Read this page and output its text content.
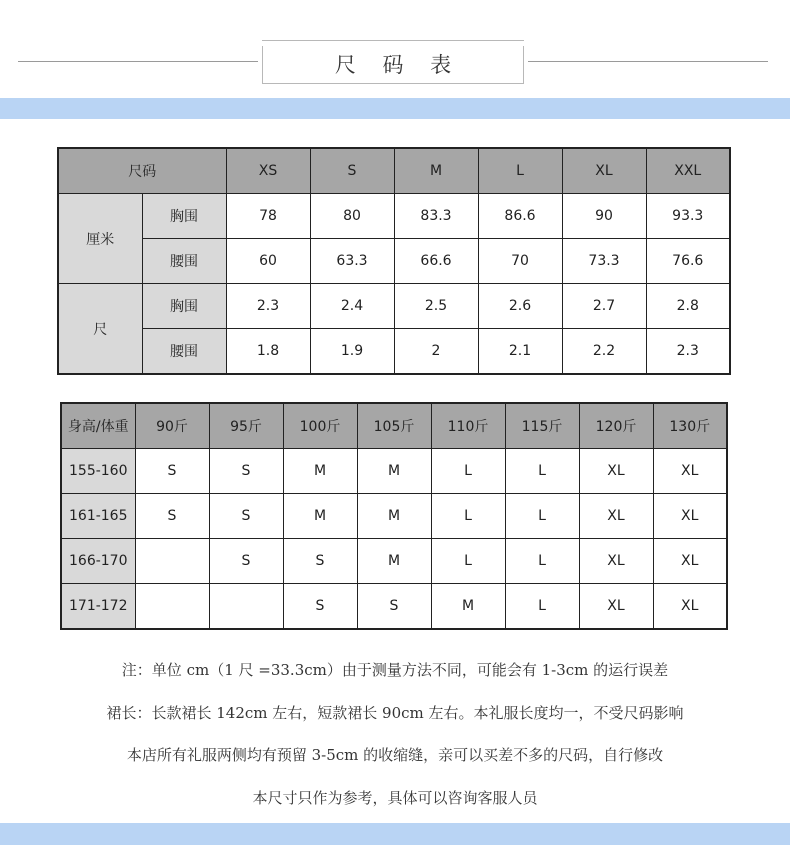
尺 码 表
尺码		XS	S	M	L	XL	XXL
厘米	胸围	78	80	83.3	86.6	90	93.3
	腰围	60	63.3	66.6	70	73.3	76.6
尺	胸围	2.3	2.4	2.5	2.6	2.7	2.8
	腰围	1.8	1.9	2	2.1	2.2	2.3
身高/体重	90斤	95斤	100斤	105斤	110斤	115斤	120斤	130斤
155-160	S	S	M	M	L	L	XL	XL
161-165	S	S	M	M	L	L	XL	XL
166-170		S	S	M	L	L	XL	XL
171-172			S	S	M	L	XL	XL
注：单位 cm（1 尺 =33.3cm）由于测量方法不同，可能会有 1-3cm 的运行误差
裙长：长款裙长 142cm 左右，短款裙长 90cm 左右。本礼服长度均一，不受尺码影响
本店所有礼服两侧均有预留 3-5cm 的收缩缝，亲可以买差不多的尺码，自行修改
本尺寸只作为参考，具体可以咨询客服人员
